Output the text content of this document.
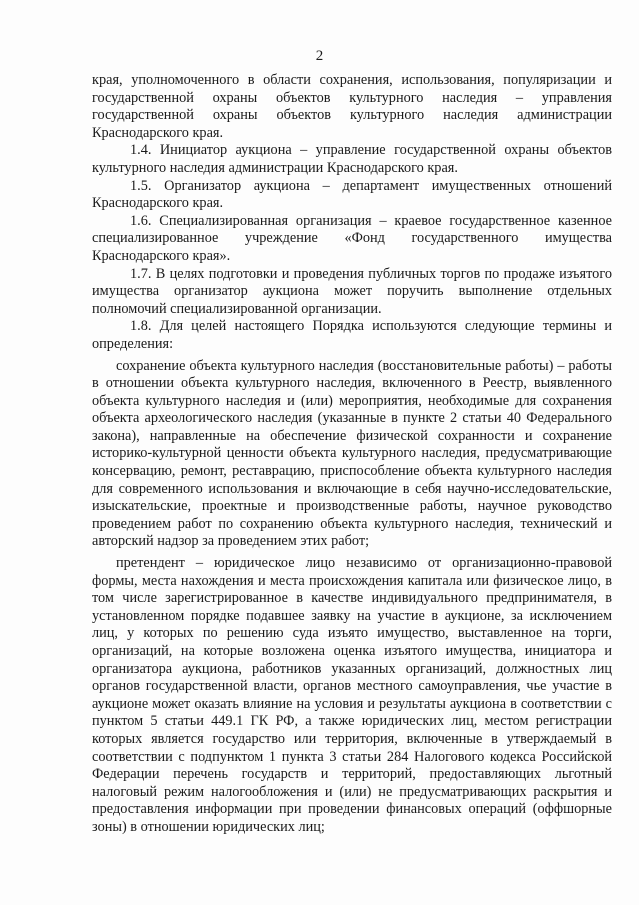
2

края, уполномоченного в области сохранения, использования, популяризации и государственной охраны объектов культурного наследия – управления государственной охраны объектов культурного наследия администрации Краснодарского края.

1.4. Инициатор аукциона – управление государственной охраны объектов культурного наследия администрации Краснодарского края.

1.5. Организатор аукциона – департамент имущественных отношений Краснодарского края.

1.6. Специализированная организация – краевое государственное казенное специализированное учреждение «Фонд государственного имущества Краснодарского края».

1.7. В целях подготовки и проведения публичных торгов по продаже изъятого имущества организатор аукциона может поручить выполнение отдельных полномочий специализированной организации.

1.8. Для целей настоящего Порядка используются следующие термины и определения:

сохранение объекта культурного наследия (восстановительные работы) – работы в отношении объекта культурного наследия, включенного в Реестр, выявленного объекта культурного наследия и (или) мероприятия, необходимые для сохранения объекта археологического наследия (указанные в пункте 2 статьи 40 Федерального закона), направленные на обеспечение физической сохранности и сохранение историко-культурной ценности объекта культурного наследия, предусматривающие консервацию, ремонт, реставрацию, приспособление объекта культурного наследия для современного использования и включающие в себя научно-исследовательские, изыскательские, проектные и производственные работы, научное руководство проведением работ по сохранению объекта культурного наследия, технический и авторский надзор за проведением этих работ;

претендент – юридическое лицо независимо от организационно-правовой формы, места нахождения и места происхождения капитала или физическое лицо, в том числе зарегистрированное в качестве индивидуального предпринимателя, в установленном порядке подавшее заявку на участие в аукционе, за исключением лиц, у которых по решению суда изъято имущество, выставленное на торги, организаций, на которые возложена оценка изъятого имущества, инициатора и организатора аукциона, работников указанных организаций, должностных лиц органов государственной власти, органов местного самоуправления, чье участие в аукционе может оказать влияние на условия и результаты аукциона в соответствии с пунктом 5 статьи 449.1 ГК РФ, а также юридических лиц, местом регистрации которых является государство или территория, включенные в утверждаемый в соответствии с подпунктом 1 пункта 3 статьи 284 Налогового кодекса Российской Федерации перечень государств и территорий, предоставляющих льготный налоговый режим налогообложения и (или) не предусматривающих раскрытия и предоставления информации при проведении финансовых операций (оффшорные зоны) в отношении юридических лиц;
